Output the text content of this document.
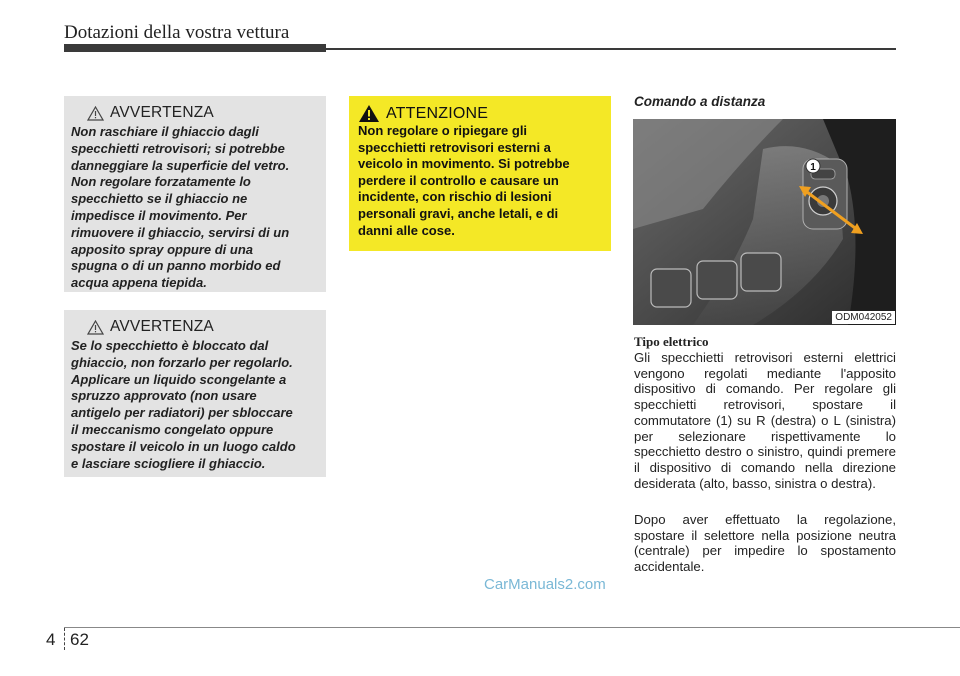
Dotazioni della vostra vettura
AVVERTENZA
Non raschiare il ghiaccio dagli
specchietti retrovisori; si potrebbe
danneggiare la superficie del vetro.
Non regolare forzatamente lo
specchietto se il ghiaccio ne
impedisce il movimento. Per
rimuovere il ghiaccio, servirsi di un
apposito spray oppure di una
spugna o di un panno morbido ed
acqua appena tiepida.
AVVERTENZA
Se lo specchietto è bloccato dal
ghiaccio, non forzarlo per regolarlo.
Applicare un liquido scongelante a
spruzzo approvato (non usare
antigelo per radiatori) per sbloccare
il meccanismo congelato oppure
spostare il veicolo in un luogo caldo
e lasciare sciogliere il ghiaccio.
ATTENZIONE
Non regolare o ripiegare gli
specchietti retrovisori esterni a
veicolo in movimento. Si potrebbe
perdere il controllo e causare un
incidente, con rischio di lesioni
personali gravi, anche letali, e di
danni alle cose.
Comando a distanza
1
ODM042052
Tipo elettrico
Gli specchietti retrovisori esterni elettrici vengono regolati mediante l'apposito dispositivo di comando. Per regolare gli specchietti retrovisori, spostare il commutatore (1) su R (destra) o L (sinistra) per selezionare rispettivamente lo specchietto destro o sinistro, quindi premere il dispositivo di comando nella direzione desiderata (alto, basso, sinistra o destra).
Dopo aver effettuato la regolazione, spostare il selettore nella posizione neutra (centrale) per impedire lo spostamento accidentale.
CarManuals2.com
4 62
